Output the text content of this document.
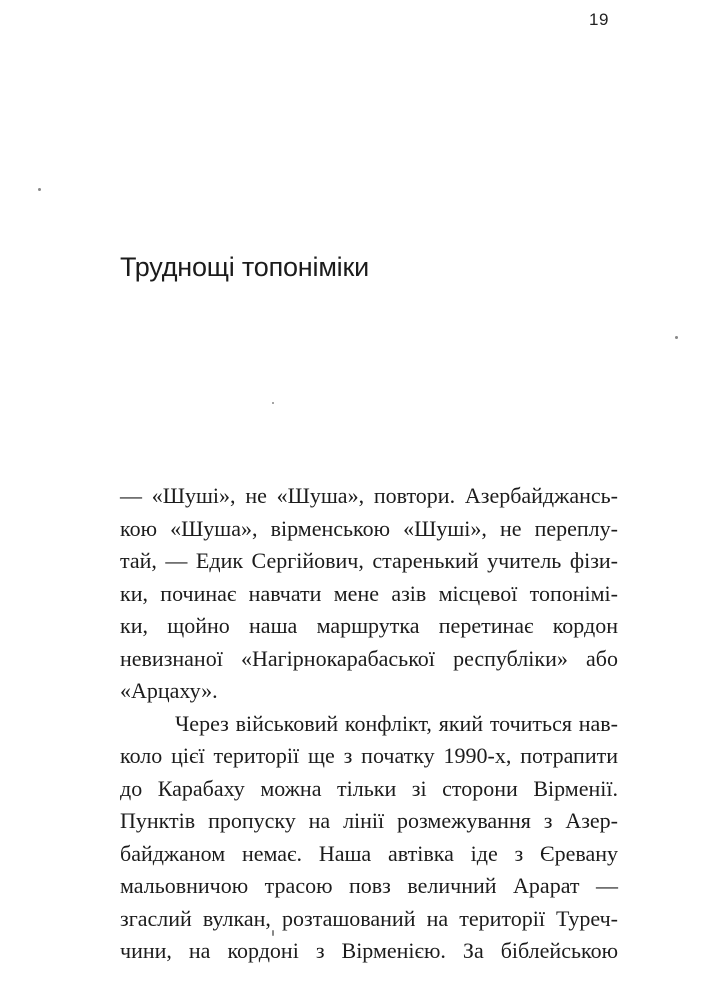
19
Труднощі топоніміки
— «Шуші», не «Шуша», повтори. Азербайджансь-
кою «Шуша», вірменською «Шуші», не переплу-
тай, — Едик Сергійович, старенький учитель фізи-
ки, починає навчати мене азів місцевої топонімі-
ки, щойно наша маршрутка перетинає кордон
невизнаної «Нагірнокарабаської республіки» або
«Арцаху».
Через військовий конфлікт, який точиться нав-
коло цієї території ще з початку 1990-х, потрапити
до Карабаху можна тільки зі сторони Вірменії.
Пунктів пропуску на лінії розмежування з Азер-
байджаном немає. Наша автівка іде з Єревану
мальовничою трасою повз величний Арарат —
згаслий вулкан, розташований на території Туреч-
чини, на кордоні з Вірменією. За біблейською
